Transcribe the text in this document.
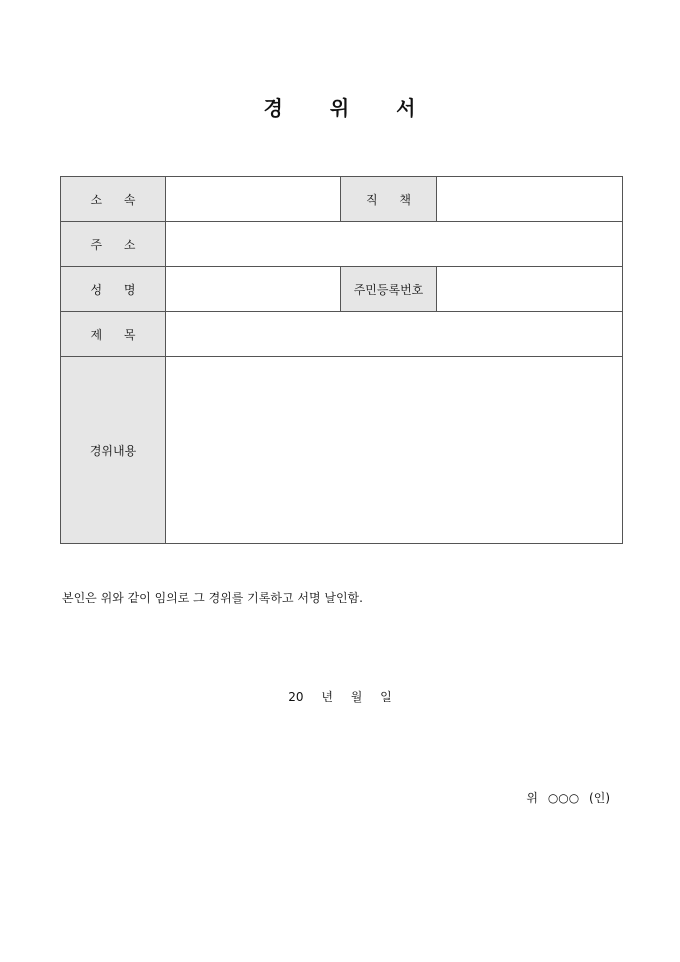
경 위 서
소 속		직 책	
주 소			
성 명		주민등록번호	
제 목			
경위내용			
본인은 위와 같이 임의로 그 경위를 기록하고 서명 날인함.
20 년 월 일
위 ○○○ (인)
